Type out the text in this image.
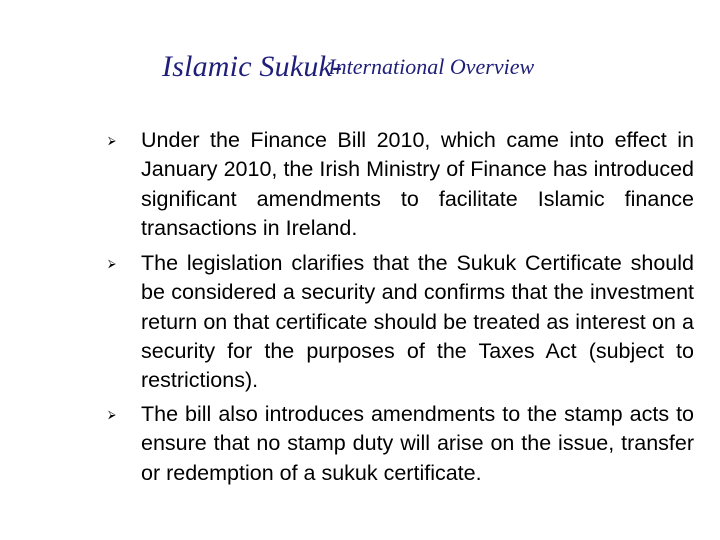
Islamic Sukuk-International Overview
⮚ Under the Finance Bill 2010, which came into effect in January 2010, the Irish Ministry of Finance has introduced significant amendments to facilitate Islamic finance transactions in Ireland.
⮚ The legislation clarifies that the Sukuk Certificate should be considered a security and confirms that the investment return on that certificate should be treated as interest on a security for the purposes of the Taxes Act (subject to restrictions).
⮚ The bill also introduces amendments to the stamp acts to ensure that no stamp duty will arise on the issue, transfer or redemption of a sukuk certificate.
